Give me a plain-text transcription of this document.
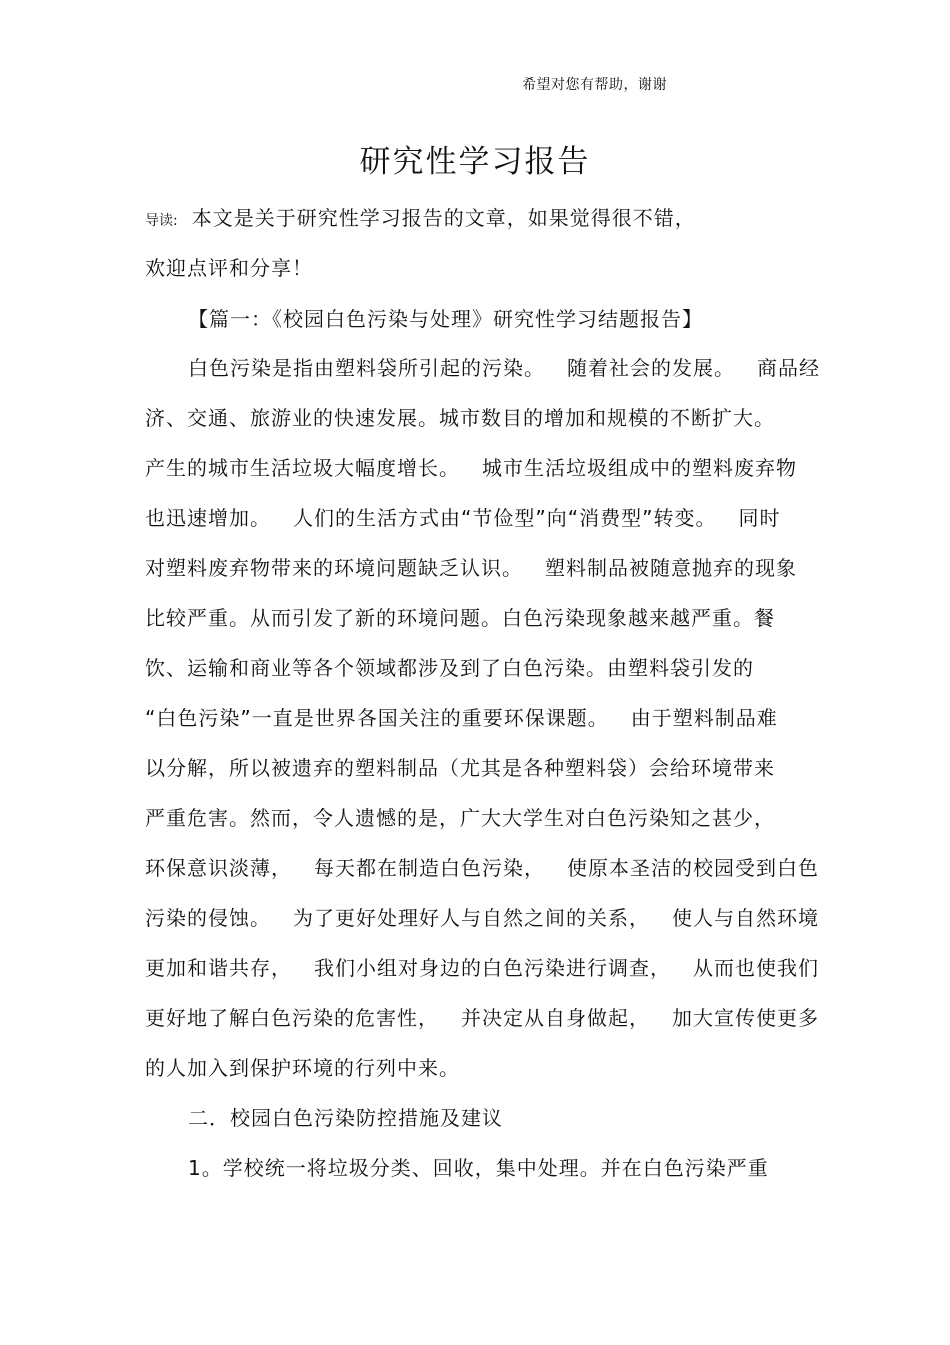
希望对您有帮助，谢谢
研究性学习报告
导读: 本文是关于研究性学习报告的文章，如果觉得很不错，
欢迎点评和分享！
【篇一：《校园白色污染与处理》研究性学习结题报告】
白色污染是指由塑料袋所引起的污染。 随着社会的发展。 商品经
济、交通、旅游业的快速发展。城市数目的增加和规模的不断扩大。
产生的城市生活垃圾大幅度增长。 城市生活垃圾组成中的塑料废弃物
也迅速增加。 人们的生活方式由“节俭型”向“消费型”转变。 同时
对塑料废弃物带来的环境问题缺乏认识。 塑料制品被随意抛弃的现象
比较严重。从而引发了新的环境问题。白色污染现象越来越严重。餐
饮、运输和商业等各个领域都涉及到了白色污染。由塑料袋引发的
“白色污染”一直是世界各国关注的重要环保课题。 由于塑料制品难
以分解，所以被遗弃的塑料制品（尤其是各种塑料袋）会给环境带来
严重危害。然而，令人遗憾的是，广大大学生对白色污染知之甚少，
环保意识淡薄， 每天都在制造白色污染， 使原本圣洁的校园受到白色
污染的侵蚀。 为了更好处理好人与自然之间的关系， 使人与自然环境
更加和谐共存， 我们小组对身边的白色污染进行调查， 从而也使我们
更好地了解白色污染的危害性， 并决定从自身做起， 加大宣传使更多
的人加入到保护环境的行列中来。
二．校园白色污染防控措施及建议
1。学校统一将垃圾分类、回收，集中处理。并在白色污染严重
